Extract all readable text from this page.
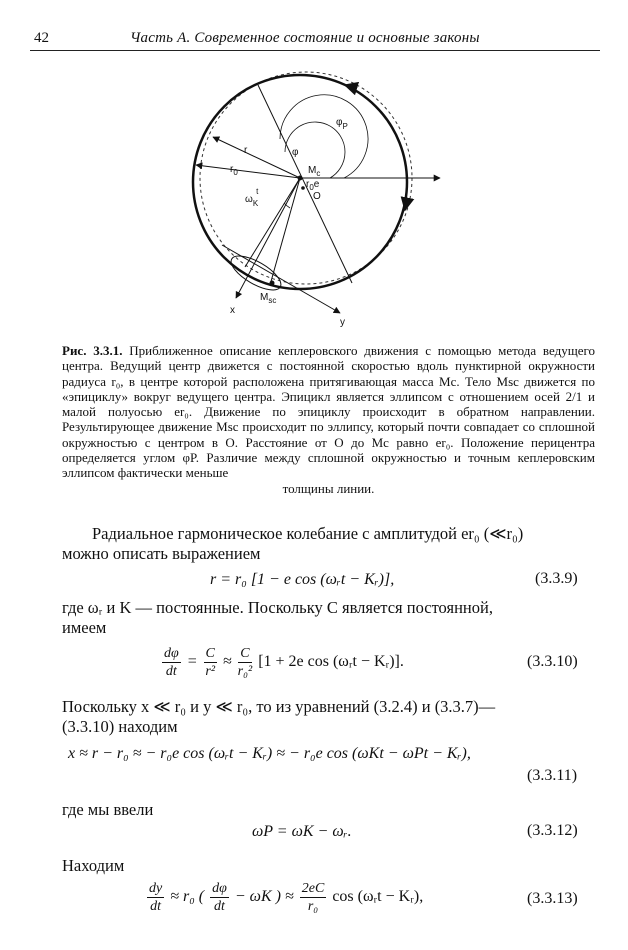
42	Часть А. Современное состояние и основные законы
$\varphi_P$
r	φ
$r_0$	$M_c$
$r_0e$
O
$\omega_Kt$
$M_{sc}$
x
y
Рис. 3.3.1. Приближенное описание кеплеровского движения с помощью метода ведущего центра. Ведущий центр движется с постоянной скоростью вдоль пунктирной окружности радиуса r₀, в центре которой расположена притягивающая масса Mc. Тело Msc движется по «эпициклу» вокруг ведущего центра. Эпицикл является эллипсом с отношением осей 2/1 и малой полуосью er₀. Движение по эпициклу происходит в обратном направлении. Результирующее движение Msc происходит по эллипсу, который почти совпадает со сплошной окружностью с центром в O. Расстояние от O до Mc равно er₀. Положение перицентра определяется углом φP. Различие между сплошной окружностью и точным кеплеровским эллипсом фактически меньше
толщины линии.
Радиальное гармоническое колебание с амплитудой er₀ (≪r₀)
можно описать выражением
r = r₀ [1 − e cos (ωᵣt − Kᵣ)],	(3.3.9)
где ωᵣ и K — постоянные. Поскольку C является постоянной,
имеем
$\frac{d\varphi}{dt} = \frac{C}{\text{r²}} \approx \frac{C}{\text{r₀²}} [1 + 2e$ cos (ωᵣt − Kᵣ)].	(3.3.10)
Поскольку x ≪ r₀ и y ≪ r₀, то из уравнений (3.2.4) и (3.3.7)—
(3.3.10) находим
x ≈ r − r₀ ≈ − r₀e cos (ωᵣt − Kᵣ) ≈ − r₀e cos (ωKt − ωPt − Kᵣ),
(3.3.11)
где мы ввели
ωP = ωK − ωᵣ.	(3.3.12)
Находим
$\frac{dy}{dt} \approx r_0$ ( $\frac{d\varphi}{dt} - \omega K$ ) ≈ $\frac{2eC}{\text{r₀}}$ cos (ωᵣt − Kᵣ),	(3.3.13)
